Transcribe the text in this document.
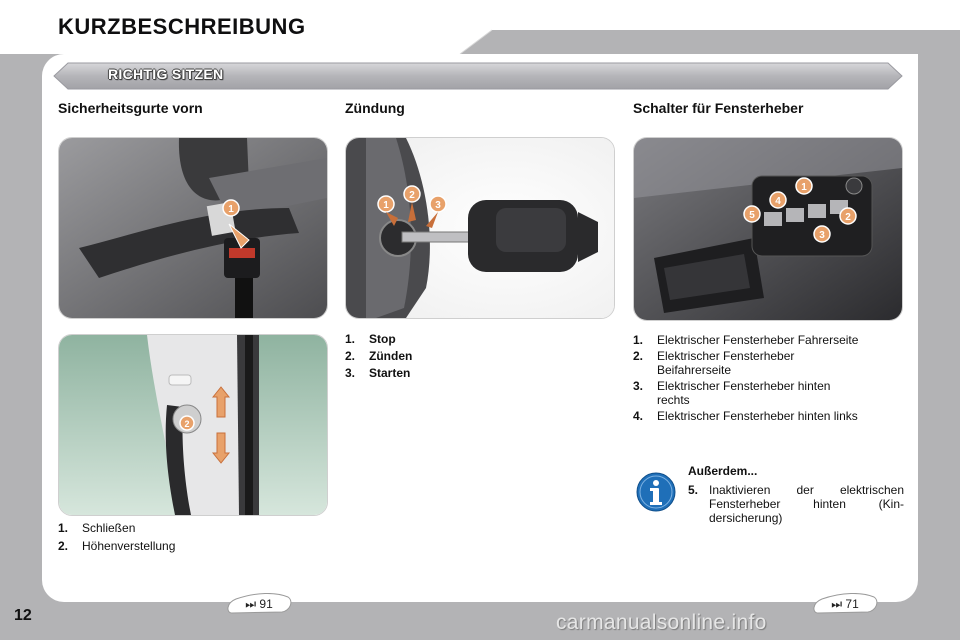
KURZBESCHREIBUNG
RICHTIG SITZEN
Sicherheitsgurte vorn	Zündung	Schalter für Fensterheber
1
2
1
2
3
1
2
3
4
5
1. Schließen
2. Höhenverstellung
1. Stop
2. Zünden
3. Starten
1. Elektrischer Fensterheber Fahrerseite
2. Elektrischer Fensterheber Beifahrerseite
3. Elektrischer Fensterheber hinten rechts
4. Elektrischer Fensterheber hinten links
Außerdem...
5. Inaktivieren der elektrischen Fensterheber hinten (Kin-dersicherung)
⏭ 91	⏭ 71
12	carmanualsonline.info
